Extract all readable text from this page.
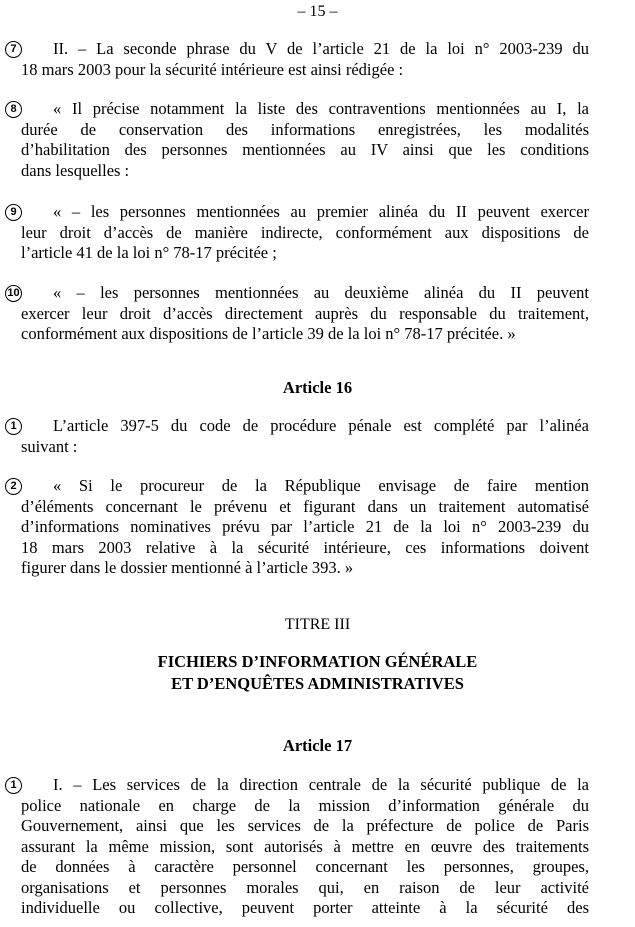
– 15 –
7	II. – La seconde phrase du V de l’article 21 de la loi n° 2003-239 du
18 mars 2003 pour la sécurité intérieure est ainsi rédigée :
8	« Il précise notamment la liste des contraventions mentionnées au I, la
durée de conservation des informations enregistrées, les modalités
d’habilitation des personnes mentionnées au IV ainsi que les conditions
dans lesquelles :
9	« – les personnes mentionnées au premier alinéa du II peuvent exercer
leur droit d’accès de manière indirecte, conformément aux dispositions de
l’article 41 de la loi n° 78-17 précitée ;
10	« – les personnes mentionnées au deuxième alinéa du II peuvent
exercer leur droit d’accès directement auprès du responsable du traitement,
conformément aux dispositions de l’article 39 de la loi n° 78-17 précitée. »
Article 16
1	L’article 397-5 du code de procédure pénale est complété par l’alinéa
suivant :
2	« Si le procureur de la République envisage de faire mention
d’éléments concernant le prévenu et figurant dans un traitement automatisé
d’informations nominatives prévu par l’article 21 de la loi n° 2003-239 du
18 mars 2003 relative à la sécurité intérieure, ces informations doivent
figurer dans le dossier mentionné à l’article 393. »
TITRE III
FICHIERS D’INFORMATION GÉNÉRALE
ET D’ENQUÊTES ADMINISTRATIVES
Article 17
1	I. – Les services de la direction centrale de la sécurité publique de la
police nationale en charge de la mission d’information générale du
Gouvernement, ainsi que les services de la préfecture de police de Paris
assurant la même mission, sont autorisés à mettre en œuvre des traitements
de données à caractère personnel concernant les personnes, groupes,
organisations et personnes morales qui, en raison de leur activité
individuelle ou collective, peuvent porter atteinte à la sécurité des
